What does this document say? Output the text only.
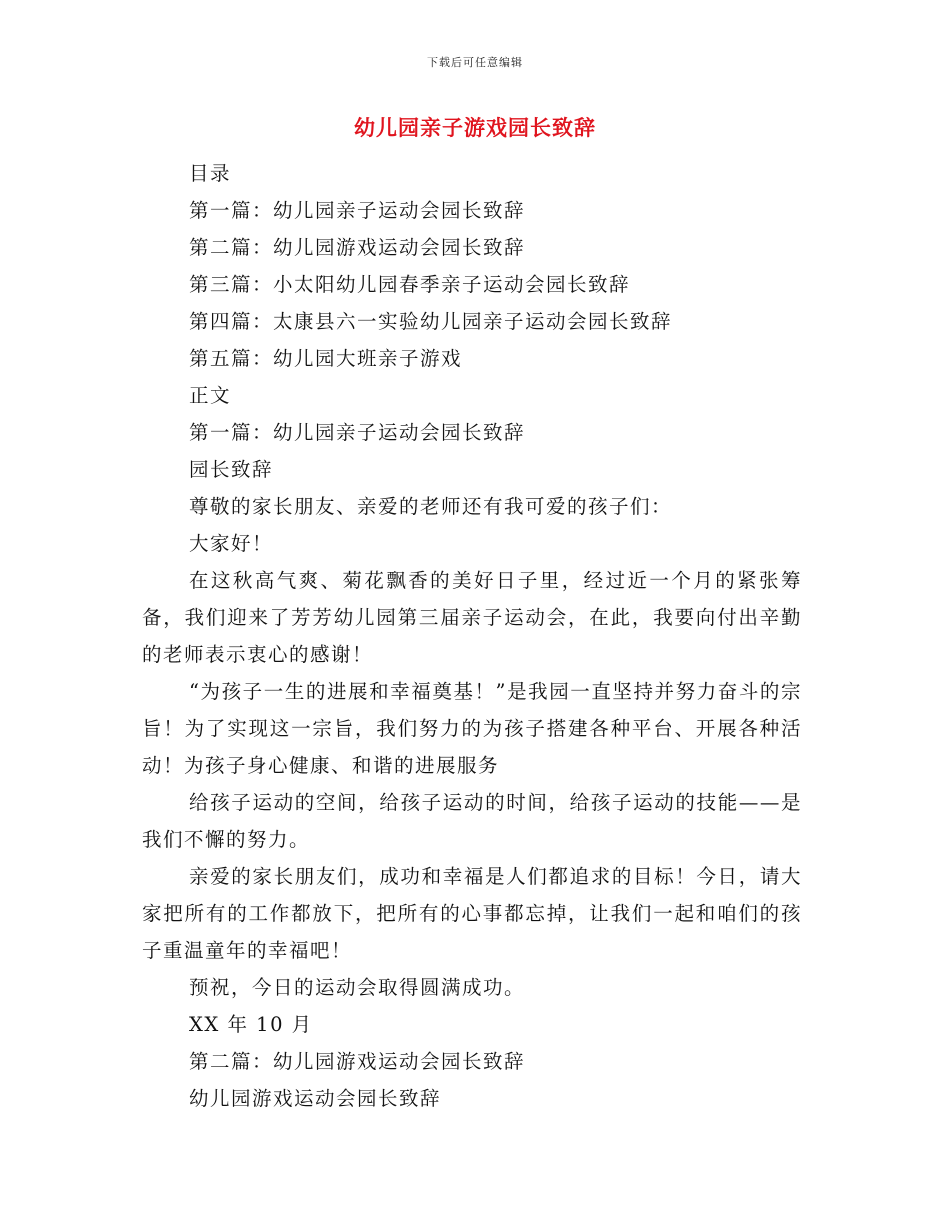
下载后可任意编辑
幼儿园亲子游戏园长致辞

目录

第一篇：幼儿园亲子运动会园长致辞

第二篇：幼儿园游戏运动会园长致辞

第三篇：小太阳幼儿园春季亲子运动会园长致辞

第四篇：太康县六一实验幼儿园亲子运动会园长致辞

第五篇：幼儿园大班亲子游戏

正文

第一篇：幼儿园亲子运动会园长致辞

园长致辞

尊敬的家长朋友、亲爱的老师还有我可爱的孩子们：

大家好！

在这秋高气爽、菊花飘香的美好日子里，经过近一个月的紧张筹备，我们迎来了芳芳幼儿园第三届亲子运动会，在此，我要向付出辛勤的老师表示衷心的感谢！

“为孩子一生的进展和幸福奠基！”是我园一直坚持并努力奋斗的宗旨！为了实现这一宗旨，我们努力的为孩子搭建各种平台、开展各种活动！为孩子身心健康、和谐的进展服务

给孩子运动的空间，给孩子运动的时间，给孩子运动的技能——是我们不懈的努力。

亲爱的家长朋友们，成功和幸福是人们都追求的目标！今日，请大家把所有的工作都放下，把所有的心事都忘掉，让我们一起和咱们的孩子重温童年的幸福吧！

预祝，今日的运动会取得圆满成功。

XX 年 10 月

第二篇：幼儿园游戏运动会园长致辞

幼儿园游戏运动会园长致辞
